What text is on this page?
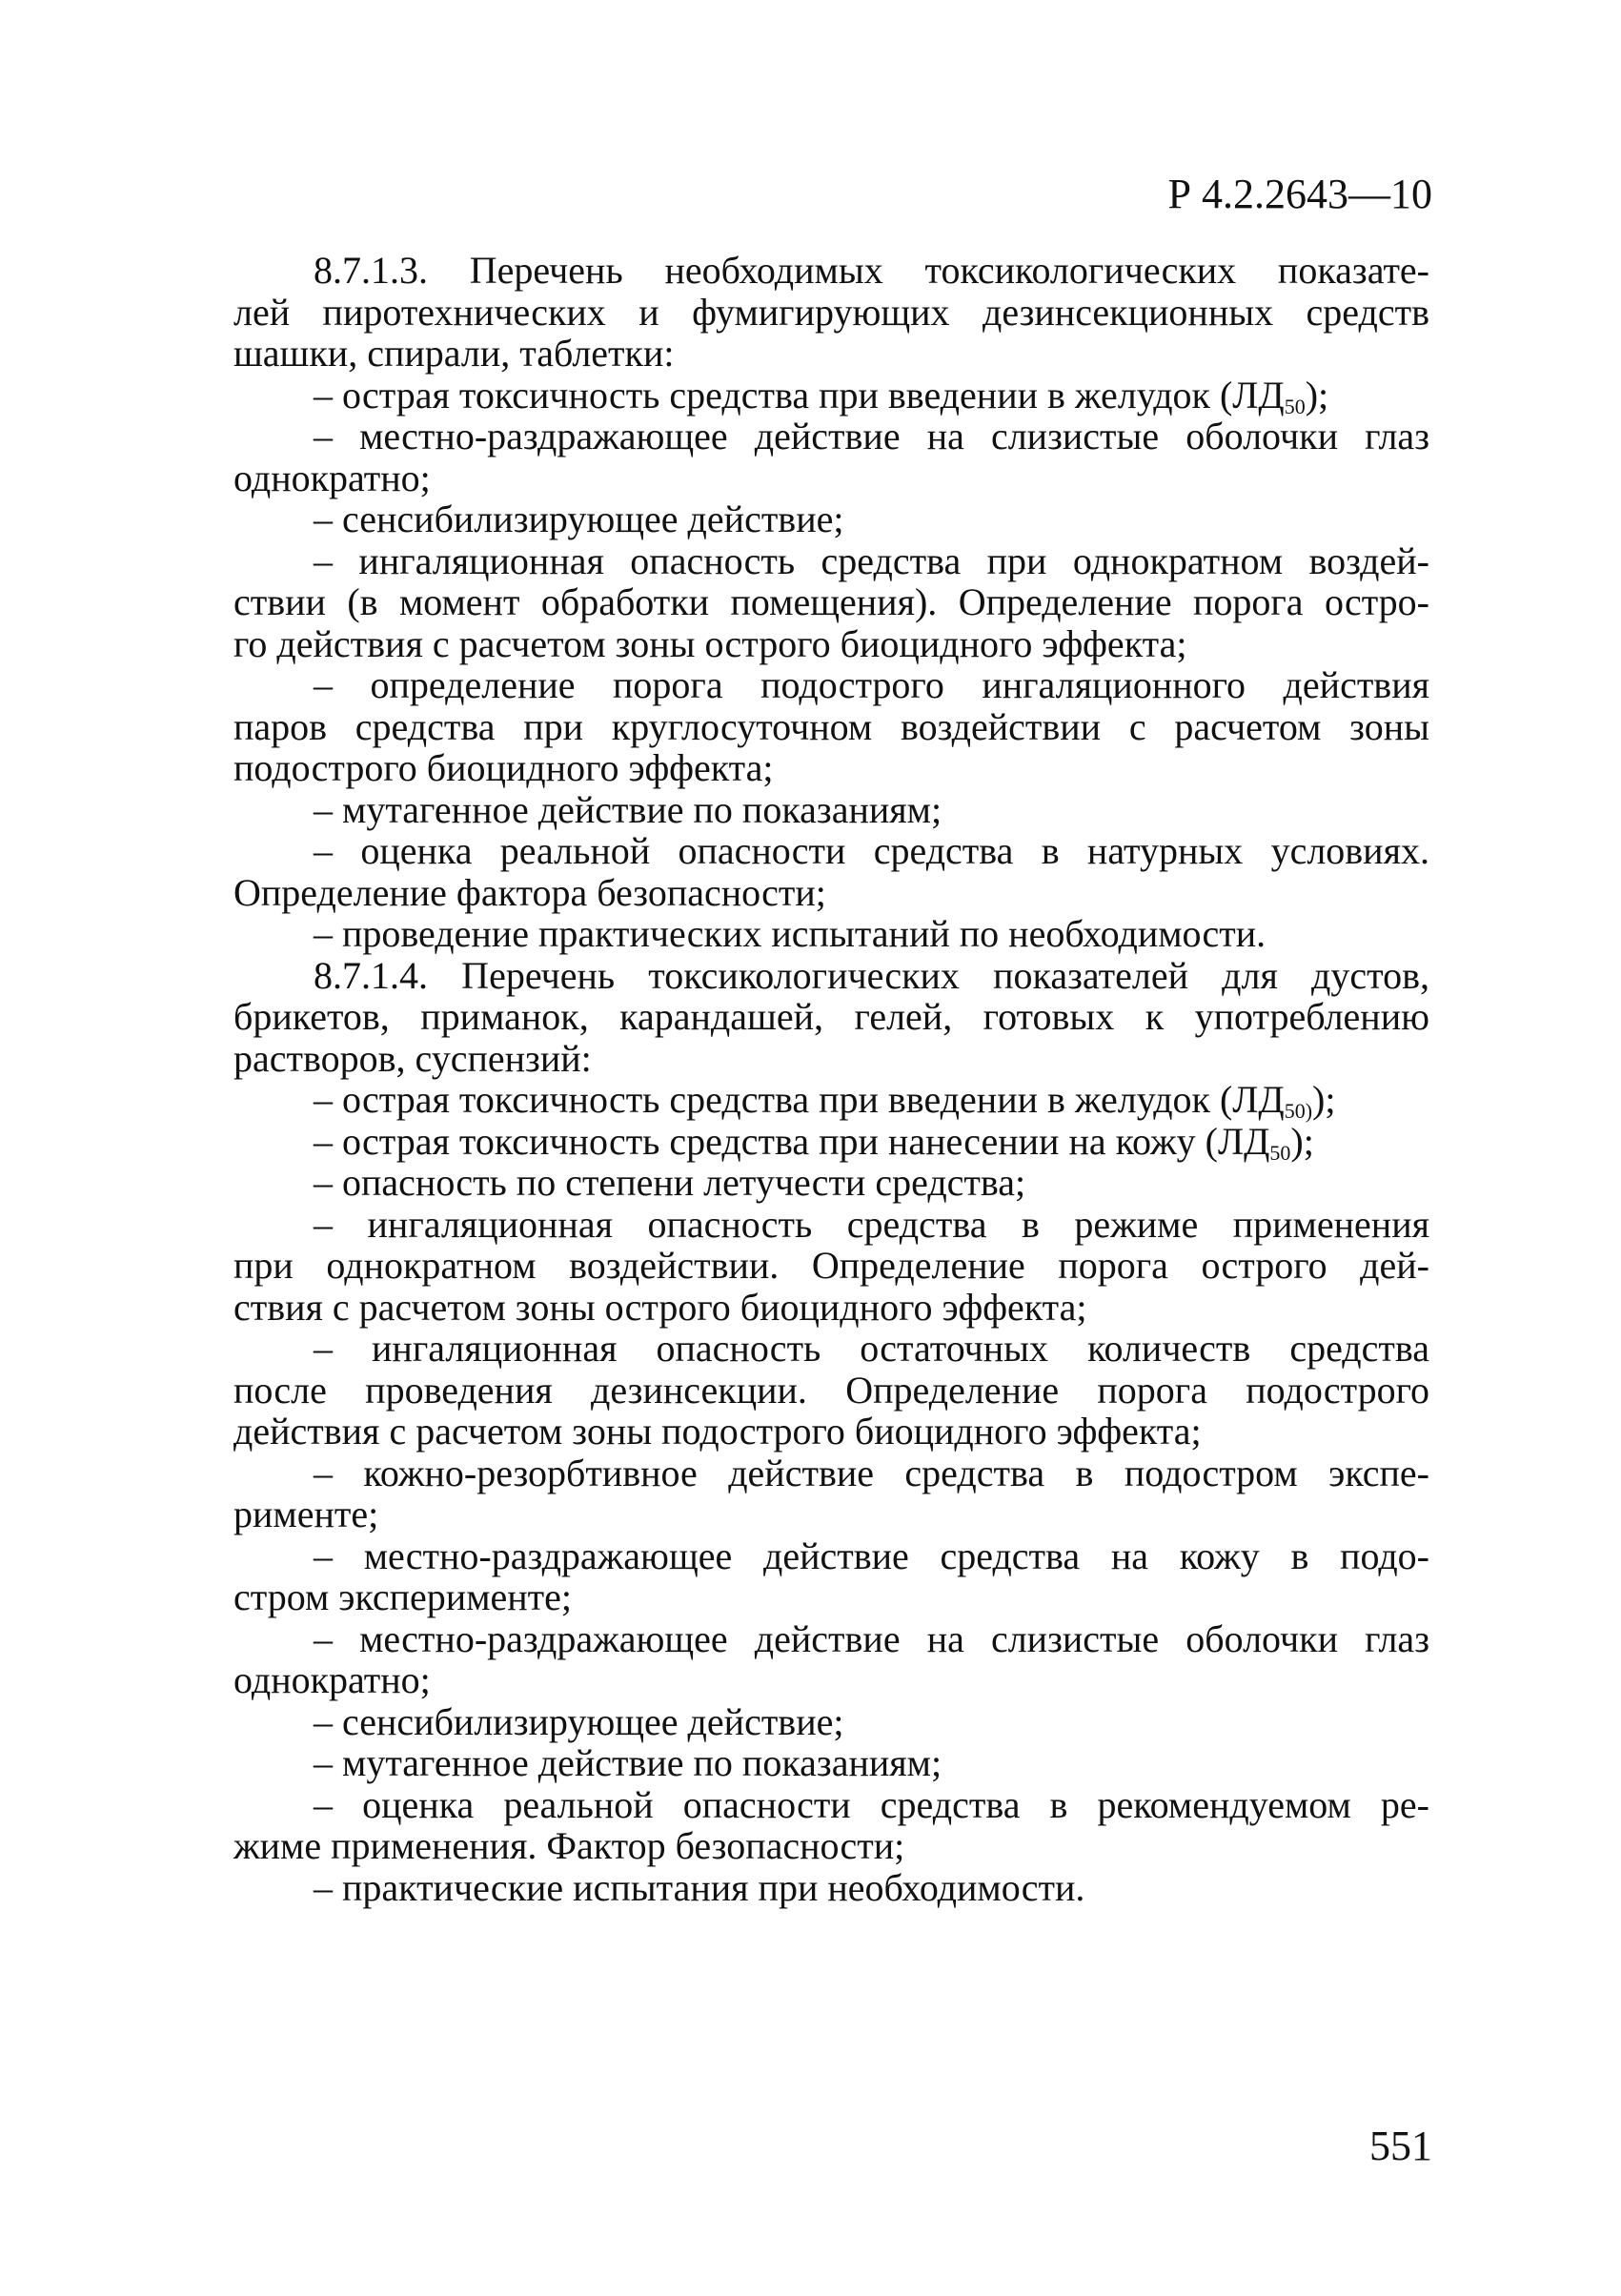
Р 4.2.2643—10
8.7.1.3. Перечень необходимых токсикологических показате-
лей пиротехнических и фумигирующих дезинсекционных средств
шашки, спирали, таблетки:
– острая токсичность средства при введении в желудок $(ЛД_{50})$;
– местно-раздражающее действие на слизистые оболочки глаз
однократно;
– сенсибилизирующее действие;
– ингаляционная опасность средства при однократном воздей-
ствии (в момент обработки помещения). Определение порога остро-
го действия с расчетом зоны острого биоцидного эффекта;
– определение порога подострого ингаляционного действия
паров средства при круглосуточном воздействии с расчетом зоны
подострого биоцидного эффекта;
– мутагенное действие по показаниям;
– оценка реальной опасности средства в натурных условиях.
Определение фактора безопасности;
– проведение практических испытаний по необходимости.
8.7.1.4. Перечень токсикологических показателей для дустов,
брикетов, приманок, карандашей, гелей, готовых к употреблению
растворов, суспензий:
– острая токсичность средства при введении в желудок $(ЛД_{50)})$;
– острая токсичность средства при нанесении на кожу $(ЛД_{50})$;
– опасность по степени летучести средства;
– ингаляционная опасность средства в режиме применения
при однократном воздействии. Определение порога острого дей-
ствия с расчетом зоны острого биоцидного эффекта;
– ингаляционная опасность остаточных количеств средства
после проведения дезинсекции. Определение порога подострого
действия с расчетом зоны подострого биоцидного эффекта;
– кожно-резорбтивное действие средства в подостром экспе-
рименте;
– местно-раздражающее действие средства на кожу в подо-
стром эксперименте;
– местно-раздражающее действие на слизистые оболочки глаз
однократно;
– сенсибилизирующее действие;
– мутагенное действие по показаниям;
– оценка реальной опасности средства в рекомендуемом ре-
жиме применения. Фактор безопасности;
– практические испытания при необходимости.
551
